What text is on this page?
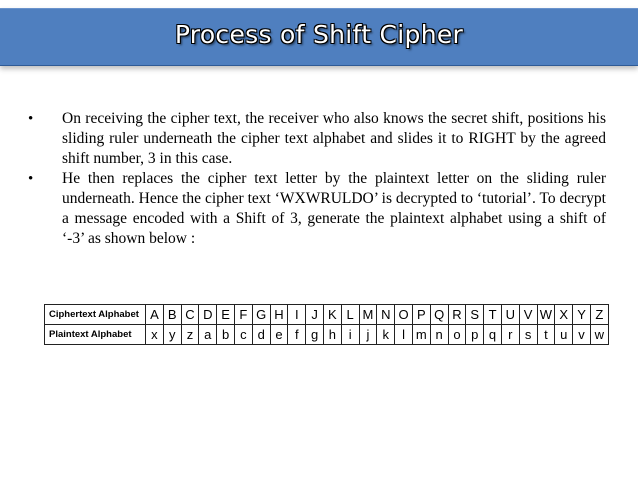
Process of Shift Cipher
• On receiving the cipher text, the receiver who also knows the secret shift, positions his sliding ruler underneath the cipher text alphabet and slides it to RIGHT by the agreed shift number, 3 in this case.
• He then replaces the cipher text letter by the plaintext letter on the sliding ruler underneath. Hence the cipher text ‘WXWRULDO’ is decrypted to ‘tutorial’. To decrypt a message encoded with a Shift of 3, generate the plaintext alphabet using a shift of ‘-3’ as shown below :
Ciphertext Alphabet	A	B	C	D	E	F	G	H	I	J	K	L	M	N	O	P	Q	R	S	T	U	V	W	X	Y	Z
Plaintext Alphabet	x	y	z	a	b	c	d	e	f	g	h	i	j	k	l	m	n	o	p	q	r	s	t	u	v	w
